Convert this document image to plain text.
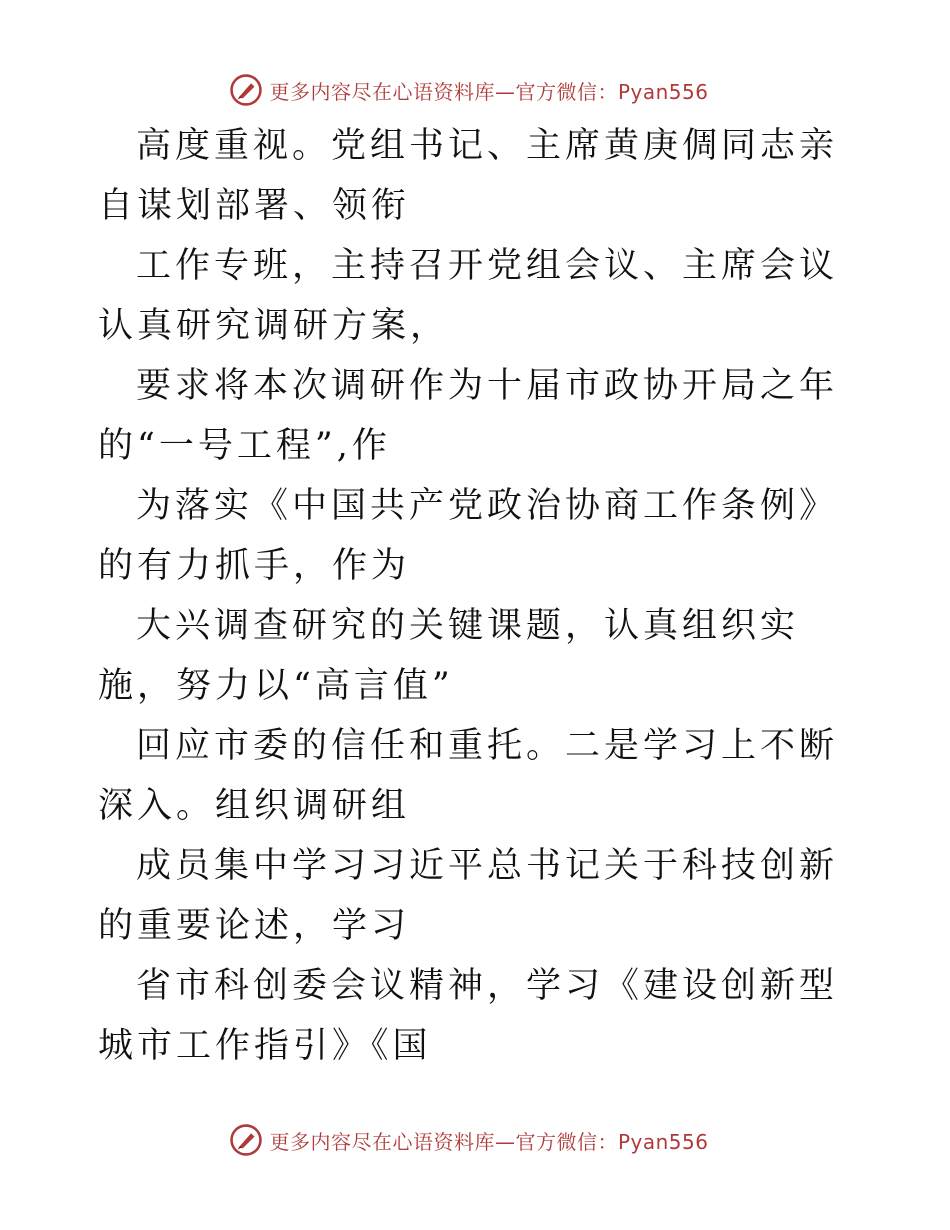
更多内容尽在心语资料库—官方微信：Pyan556

高度重视。党组书记、主席黄庚倜同志亲自谋划部署、领衔

工作专班，主持召开党组会议、主席会议认真研究调研方案，

要求将本次调研作为十届市政协开局之年的“一号工程”,作

为落实《中国共产党政治协商工作条例》的有力抓手，作为

大兴调查研究的关键课题，认真组织实施，努力以“高言值”

回应市委的信任和重托。二是学习上不断深入。组织调研组

成员集中学习习近平总书记关于科技创新的重要论述，学习

省市科创委会议精神，学习《建设创新型城市工作指引》《国

更多内容尽在心语资料库—官方微信：Pyan556
